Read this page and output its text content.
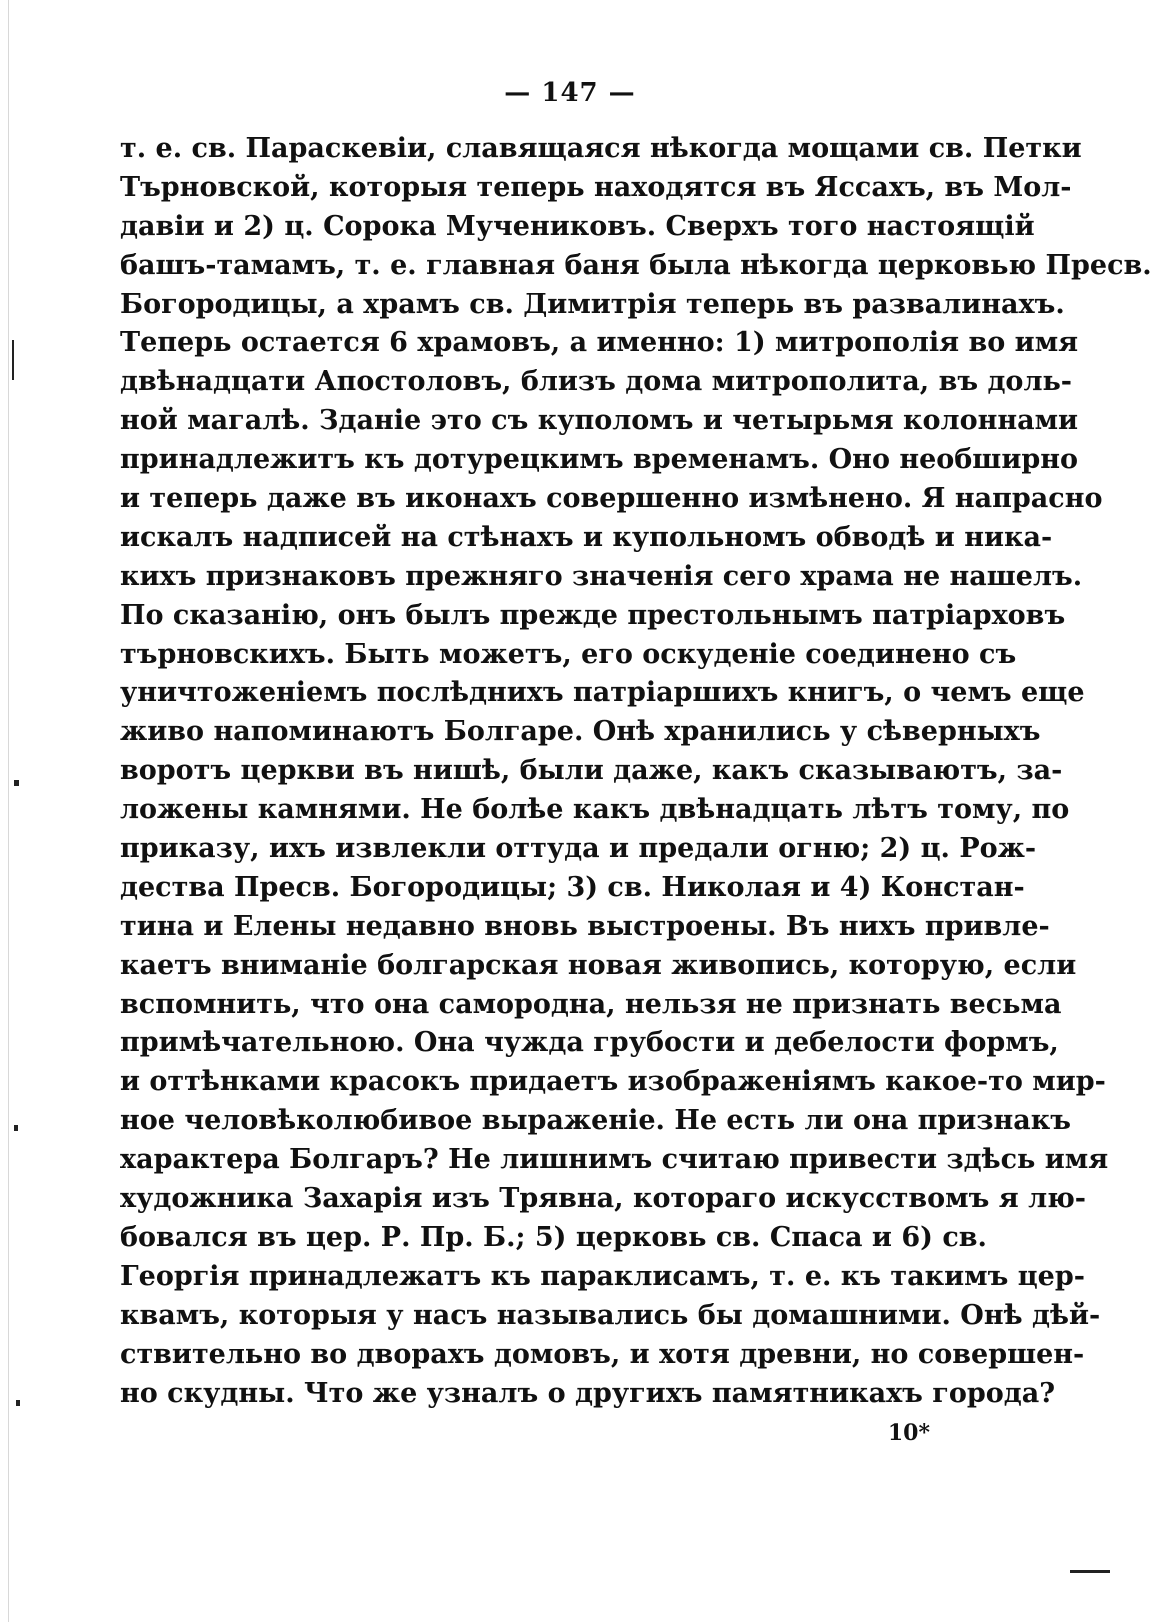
— 147 —
т. е. св. Параскевіи, славящаяся нѣкогда мощами св. Петки
Търновской, которыя теперь находятся въ Яссахъ, въ Мол-
давіи и 2) ц. Сорока Мучениковъ. Сверхъ того настоящій
башъ-тамамъ, т. е. главная баня была нѣкогда церковью Пресв.
Богородицы, а храмъ св. Димитрія теперь въ развалинахъ.
Теперь остается 6 храмовъ, а именно: 1) митрополія во имя
двѣнадцати Апостоловъ, близъ дома митрополита, въ доль-
ной магалѣ. Зданіе это съ куполомъ и четырьмя колоннами
принадлежитъ къ дотурецкимъ временамъ. Оно необширно
и теперь даже въ иконахъ совершенно измѣнено. Я напрасно
искалъ надписей на стѣнахъ и купольномъ обводѣ и ника-
кихъ признаковъ прежняго значенія сего храма не нашелъ.
По сказанію, онъ былъ прежде престольнымъ патріарховъ
търновскихъ. Быть можетъ, его оскуденіе соединено съ
уничтоженіемъ послѣднихъ патріаршихъ книгъ, о чемъ еще
живо напоминаютъ Болгаре. Онѣ хранились у сѣверныхъ
воротъ церкви въ нишѣ, были даже, какъ сказываютъ, за-
ложены камнями. Не болѣе какъ двѣнадцать лѣтъ тому, по
приказу, ихъ извлекли оттуда и предали огню; 2) ц. Рож-
дества Пресв. Богородицы; 3) св. Николая и 4) Констан-
тина и Елены недавно вновь выстроены. Въ нихъ привле-
каетъ вниманіе болгарская новая живопись, которую, если
вспомнить, что она самородна, нельзя не признать весьма
примѣчательною. Она чужда грубости и дебелости формъ,
и оттѣнками красокъ придаетъ изображеніямъ какое-то мир-
ное человѣколюбивое выраженіе. Не есть ли она признакъ
характера Болгаръ? Не лишнимъ считаю привести здѣсь имя
художника Захарія изъ Трявна, котораго искусствомъ я лю-
бовался въ цер. Р. Пр. Б.; 5) церковь св. Спаса и 6) св.
Георгія принадлежатъ къ параклисамъ, т. е. къ такимъ цер-
квамъ, которыя у насъ назывались бы домашними. Онѣ дѣй-
ствительно во дворахъ домовъ, и хотя древни, но совершен-
но скудны. Что же узналъ о другихъ памятникахъ города?
10*
